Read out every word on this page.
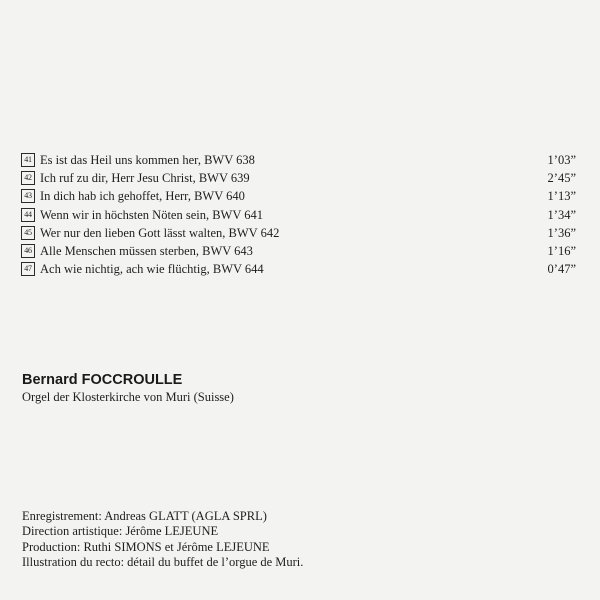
41 Es ist das Heil uns kommen her, BWV 638	1’03”
42 Ich ruf zu dir, Herr Jesu Christ, BWV 639	2’45”
43 In dich hab ich gehoffet, Herr, BWV 640	1’13”
44 Wenn wir in höchsten Nöten sein, BWV 641	1’34”
45 Wer nur den lieben Gott lässt walten, BWV 642	1’36”
46 Alle Menschen müssen sterben, BWV 643	1’16”
47 Ach wie nichtig, ach wie flüchtig, BWV 644	0’47”
Bernard FOCCROULLE
Orgel der Klosterkirche von Muri (Suisse)
Enregistrement: Andreas GLATT (AGLA SPRL)
Direction artistique: Jérôme LEJEUNE
Production: Ruthi SIMONS et Jérôme LEJEUNE
Illustration du recto: détail du buffet de l’orgue de Muri.
